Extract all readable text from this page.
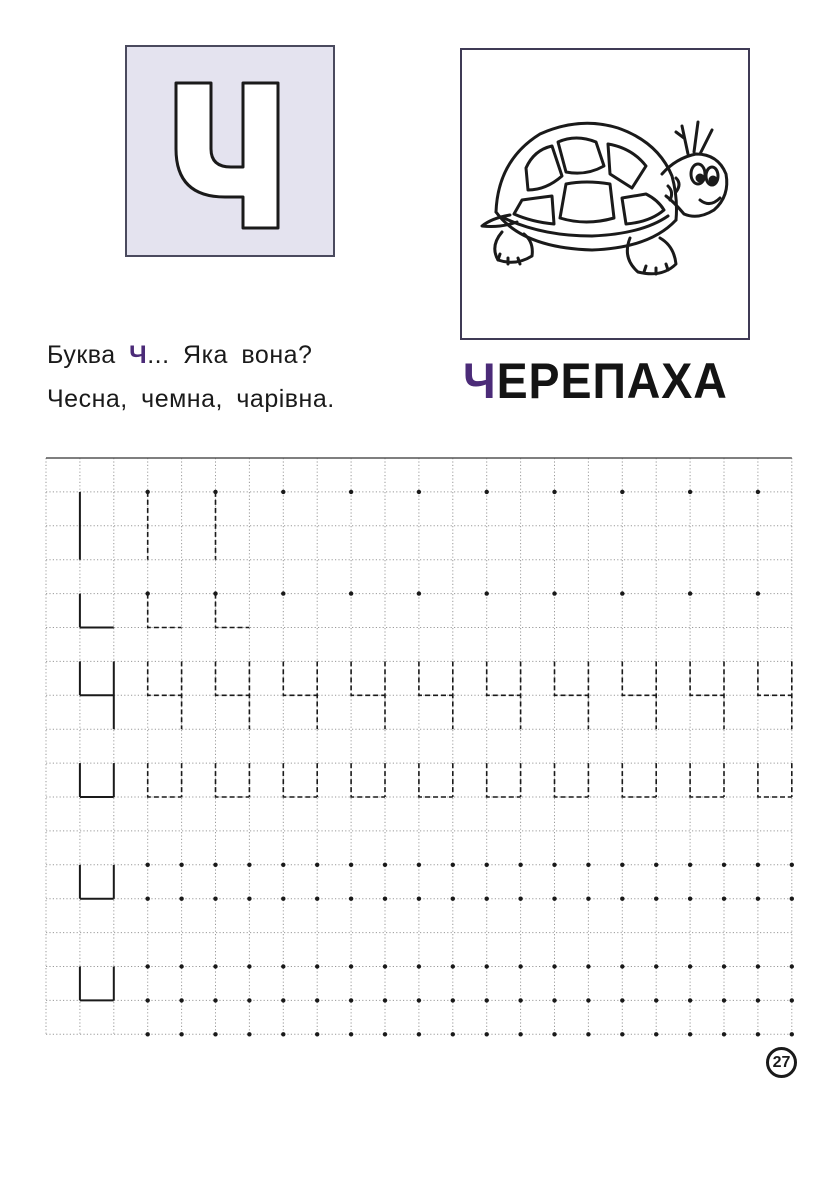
Буква Ч... Яка вона?
Чесна, чемна, чарівна.	ЧЕРЕПАХА
27
